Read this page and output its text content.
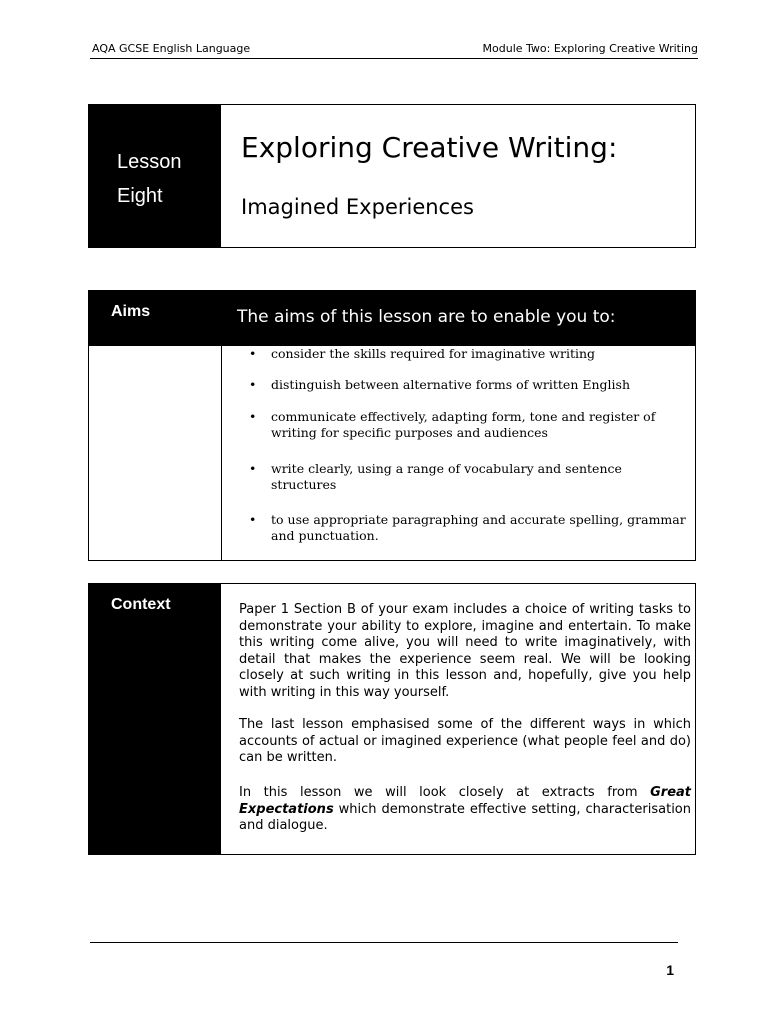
AQA GCSE English Language	Module Two: Exploring Creative Writing
Lesson
Eight
Exploring Creative Writing:
Imagined Experiences
Aims	The aims of this lesson are to enable you to:
• consider the skills required for imaginative writing
• distinguish between alternative forms of written English
• communicate effectively, adapting form, tone and register of writing for specific purposes and audiences
• write clearly, using a range of vocabulary and sentence structures
• to use appropriate paragraphing and accurate spelling, grammar and punctuation.
Context	Paper 1 Section B of your exam includes a choice of writing tasks to demonstrate your ability to explore, imagine and entertain. To make this writing come alive, you will need to write imaginatively, with detail that makes the experience seem real. We will be looking closely at such writing in this lesson and, hopefully, give you help with writing in this way yourself.
The last lesson emphasised some of the different ways in which accounts of actual or imagined experience (what people feel and do) can be written.
In this lesson we will look closely at extracts from Great Expectations which demonstrate effective setting, characterisation and dialogue.
1
